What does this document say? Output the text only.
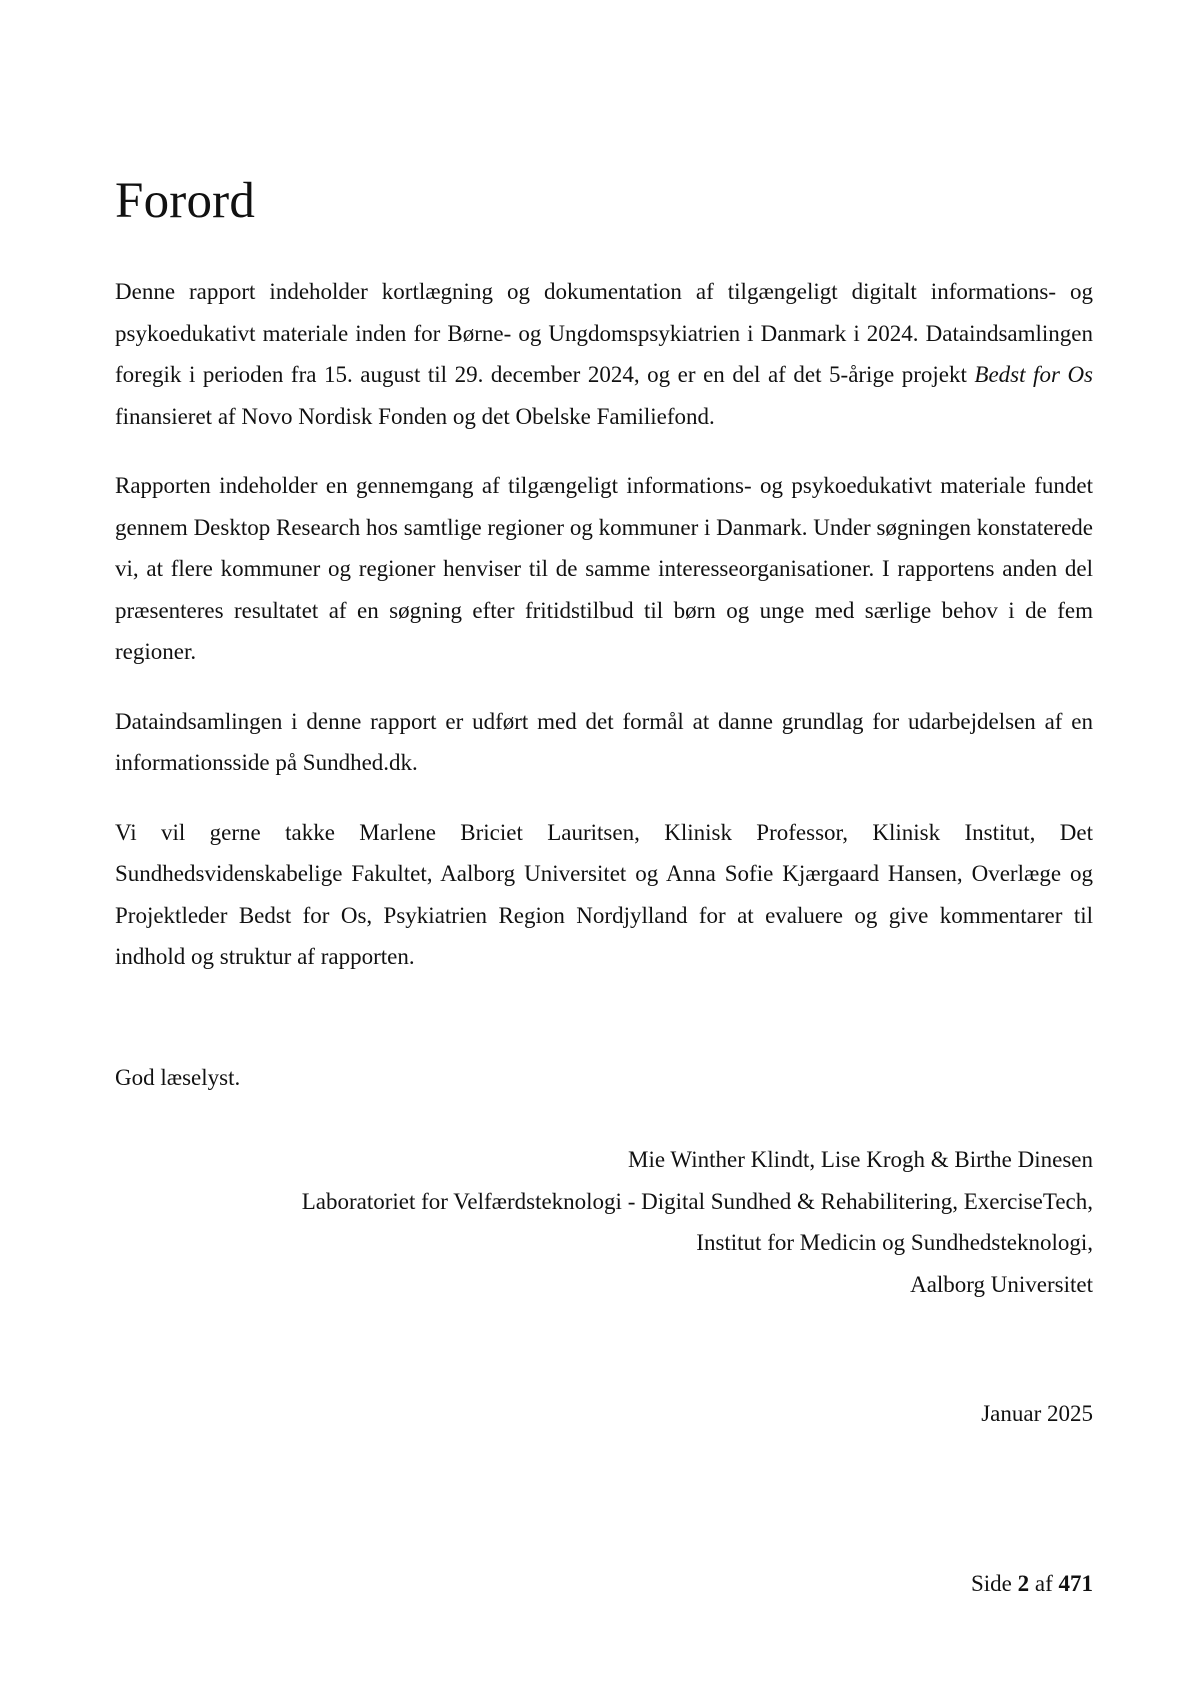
Forord

Denne rapport indeholder kortlægning og dokumentation af tilgængeligt digitalt informations- og psykoedukativt materiale inden for Børne- og Ungdomspsykiatrien i Danmark i 2024. Dataindsamlingen foregik i perioden fra 15. august til 29. december 2024, og er en del af det 5-årige projekt Bedst for Os finansieret af Novo Nordisk Fonden og det Obelske Familiefond.

Rapporten indeholder en gennemgang af tilgængeligt informations- og psykoedukativt materiale fundet gennem Desktop Research hos samtlige regioner og kommuner i Danmark. Under søgningen konstaterede vi, at flere kommuner og regioner henviser til de samme interesseorganisationer. I rapportens anden del præsenteres resultatet af en søgning efter fritidstilbud til børn og unge med særlige behov i de fem regioner.

Dataindsamlingen i denne rapport er udført med det formål at danne grundlag for udarbejdelsen af en informationsside på Sundhed.dk.

Vi vil gerne takke Marlene Briciet Lauritsen, Klinisk Professor, Klinisk Institut, Det Sundhedsvidenskabelige Fakultet, Aalborg Universitet og Anna Sofie Kjærgaard Hansen, Overlæge og Projektleder Bedst for Os, Psykiatrien Region Nordjylland for at evaluere og give kommentarer til indhold og struktur af rapporten.

God læselyst.

Mie Winther Klindt, Lise Krogh & Birthe Dinesen
Laboratoriet for Velfærdsteknologi - Digital Sundhed & Rehabilitering, ExerciseTech,
Institut for Medicin og Sundhedsteknologi,
Aalborg Universitet
Januar 2025
Side 2 af 471
